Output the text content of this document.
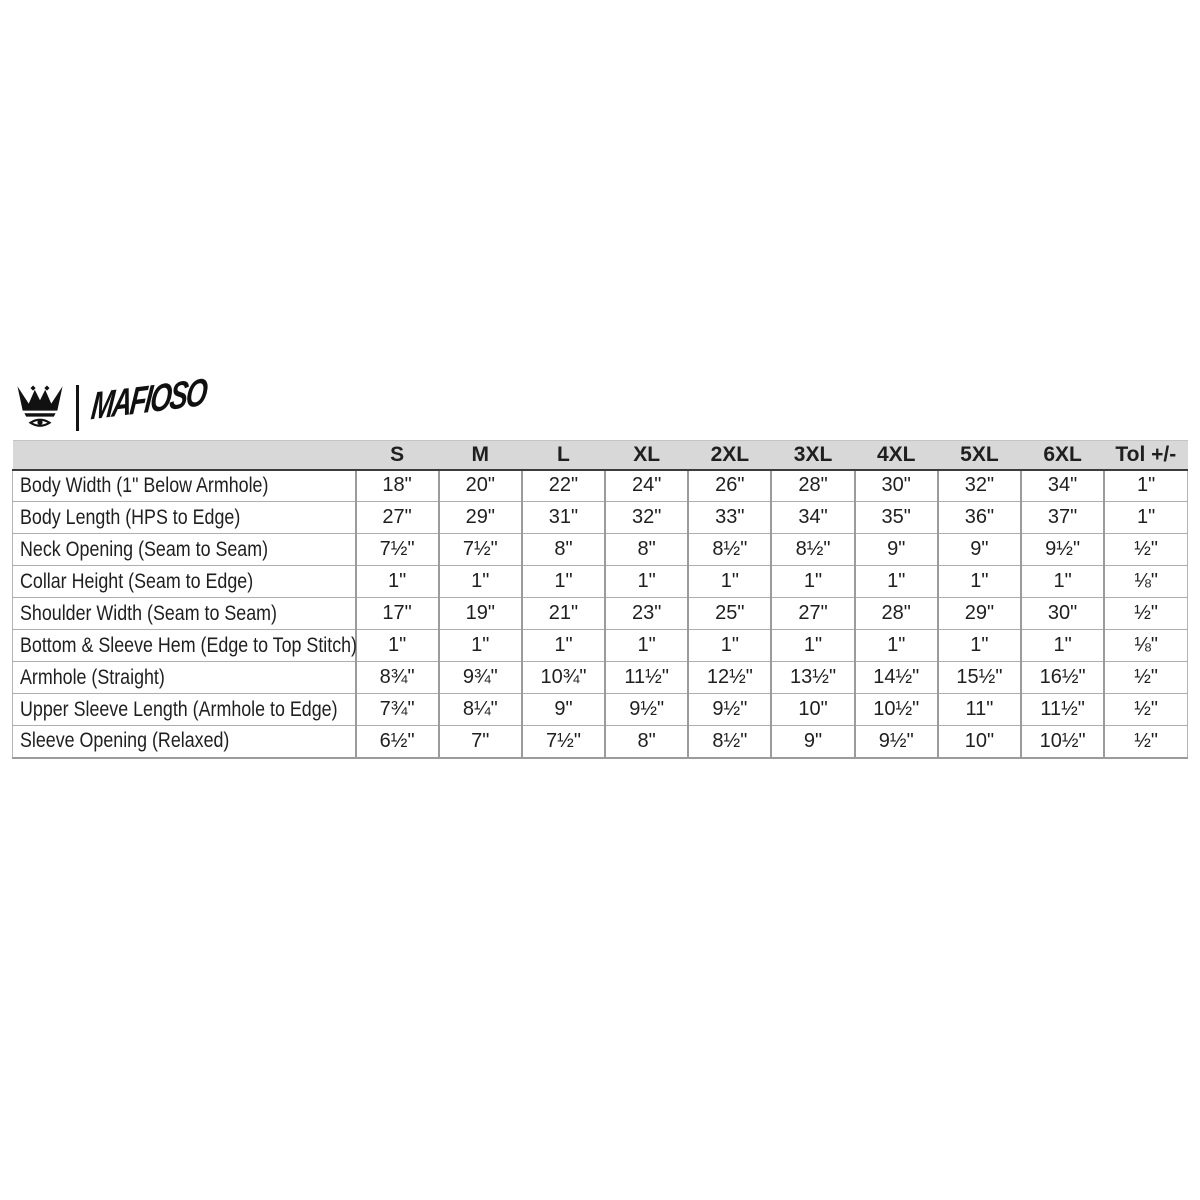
MAFIOSO
	S	M	L	XL	2XL	3XL	4XL	5XL	6XL	Tol +/-
Body Width (1" Below Armhole)	18"	20"	22"	24"	26"	28"	30"	32"	34"	1"
Body Length (HPS to Edge)	27"	29"	31"	32"	33"	34"	35"	36"	37"	1"
Neck Opening (Seam to Seam)	7½"	7½"	8"	8"	8½"	8½"	9"	9"	9½"	½"
Collar Height (Seam to Edge)	1"	1"	1"	1"	1"	1"	1"	1"	1"	⅛"
Shoulder Width (Seam to Seam)	17"	19"	21"	23"	25"	27"	28"	29"	30"	½"
Bottom & Sleeve Hem (Edge to Top Stitch)	1"	1"	1"	1"	1"	1"	1"	1"	1"	⅛"
Armhole (Straight)	8¾"	9¾"	10¾"	11½"	12½"	13½"	14½"	15½"	16½"	½"
Upper Sleeve Length (Armhole to Edge)	7¾"	8¼"	9"	9½"	9½"	10"	10½"	11"	11½"	½"
Sleeve Opening (Relaxed)	6½"	7"	7½"	8"	8½"	9"	9½"	10"	10½"	½"
